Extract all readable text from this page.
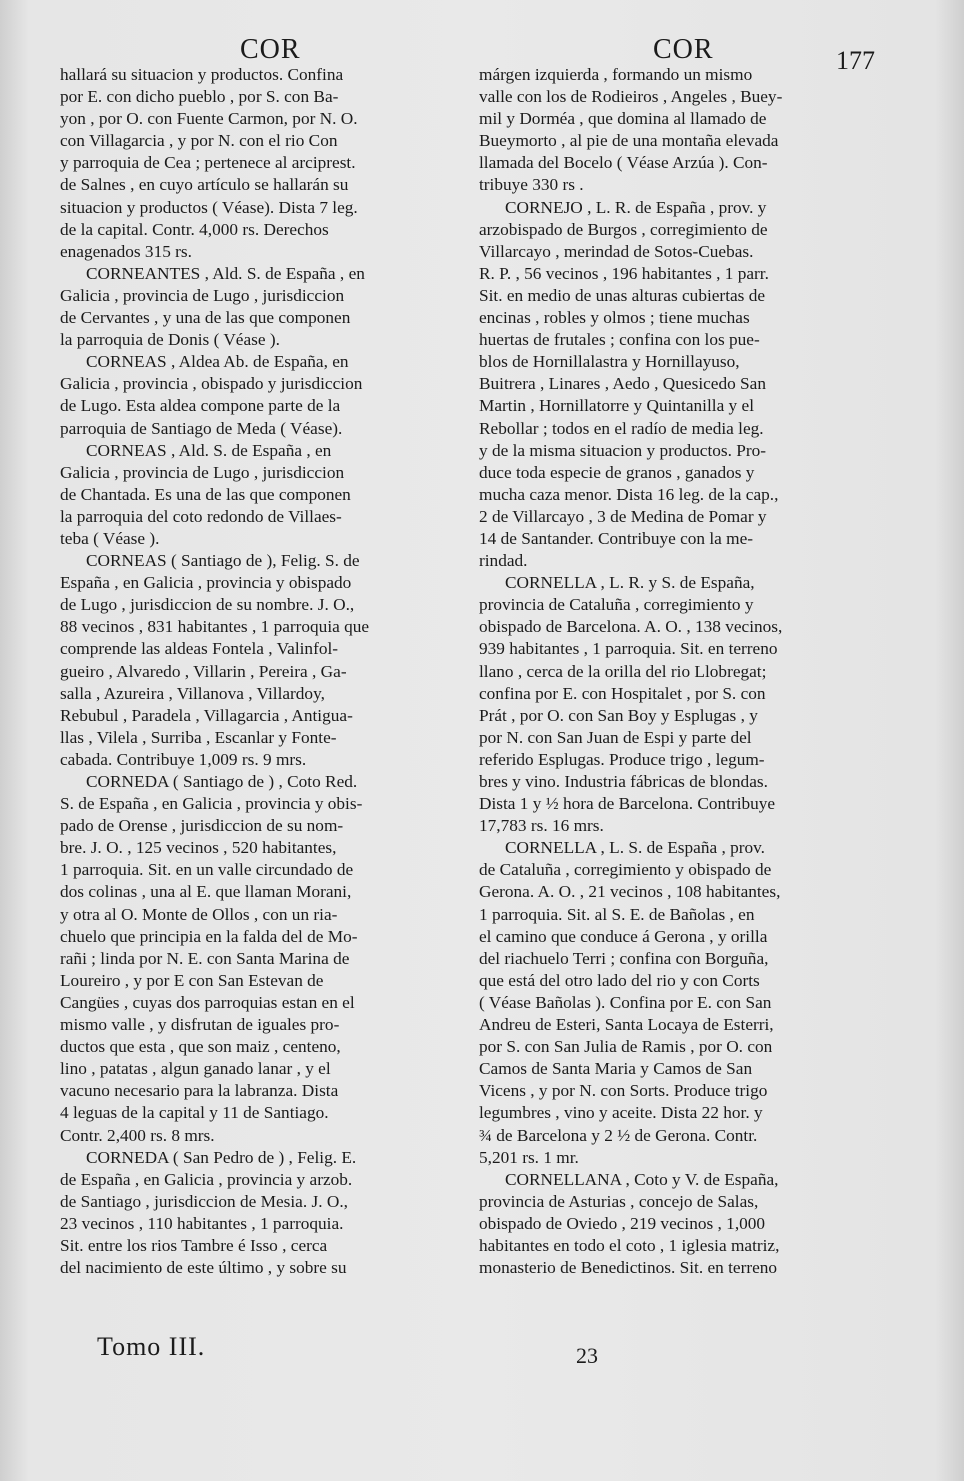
COR	COR	177
hallará su situacion y productos. Confina
por E. con dicho pueblo , por S. con Ba-
yon , por O. con Fuente Carmon, por N. O.
con Villagarcia , y por N. con el rio Con
y parroquia de Cea ; pertenece al arciprest.
de Salnes , en cuyo artículo se hallarán su
situacion y productos ( Véase). Dista 7 leg.
de la capital. Contr. 4,000 rs. Derechos
enagenados 315 rs.
CORNEANTES , Ald. S. de España , en
Galicia , provincia de Lugo , jurisdiccion
de Cervantes , y una de las que componen
la parroquia de Donis ( Véase ).
CORNEAS , Aldea Ab. de España, en
Galicia , provincia , obispado y jurisdiccion
de Lugo. Esta aldea compone parte de la
parroquia de Santiago de Meda ( Véase).
CORNEAS , Ald. S. de España , en
Galicia , provincia de Lugo , jurisdiccion
de Chantada. Es una de las que componen
la parroquia del coto redondo de Villaes-
teba ( Véase ).
CORNEAS ( Santiago de ), Felig. S. de
España , en Galicia , provincia y obispado
de Lugo , jurisdiccion de su nombre. J. O.,
88 vecinos , 831 habitantes , 1 parroquia que
comprende las aldeas Fontela , Valinfol-
gueiro , Alvaredo , Villarin , Pereira , Ga-
salla , Azureira , Villanova , Villardoy,
Rebubul , Paradela , Villagarcia , Antigua-
llas , Vilela , Surriba , Escanlar y Fonte-
cabada. Contribuye 1,009 rs. 9 mrs.
CORNEDA ( Santiago de ) , Coto Red.
S. de España , en Galicia , provincia y obis-
pado de Orense , jurisdiccion de su nom-
bre. J. O. , 125 vecinos , 520 habitantes,
1 parroquia. Sit. en un valle circundado de
dos colinas , una al E. que llaman Morani,
y otra al O. Monte de Ollos , con un ria-
chuelo que principia en la falda del de Mo-
rañi ; linda por N. E. con Santa Marina de
Loureiro , y por E con San Estevan de
Cangües , cuyas dos parroquias estan en el
mismo valle , y disfrutan de iguales pro-
ductos que esta , que son maiz , centeno,
lino , patatas , algun ganado lanar , y el
vacuno necesario para la labranza. Dista
4 leguas de la capital y 11 de Santiago.
Contr. 2,400 rs. 8 mrs.
CORNEDA ( San Pedro de ) , Felig. E.
de España , en Galicia , provincia y arzob.
de Santiago , jurisdiccion de Mesia. J. O.,
23 vecinos , 110 habitantes , 1 parroquia.
Sit. entre los rios Tambre é Isso , cerca
del nacimiento de este último , y sobre su
márgen izquierda , formando un mismo
valle con los de Rodieiros , Angeles , Buey-
mil y Dorméa , que domina al llamado de
Bueymorto , al pie de una montaña elevada
llamada del Bocelo ( Véase Arzúa ). Con-
tribuye 330 rs .
CORNEJO , L. R. de España , prov. y
arzobispado de Burgos , corregimiento de
Villarcayo , merindad de Sotos-Cuebas.
R. P. , 56 vecinos , 196 habitantes , 1 parr.
Sit. en medio de unas alturas cubiertas de
encinas , robles y olmos ; tiene muchas
huertas de frutales ; confina con los pue-
blos de Hornillalastra y Hornillayuso,
Buitrera , Linares , Aedo , Quesicedo San
Martin , Hornillatorre y Quintanilla y el
Rebollar ; todos en el radío de media leg.
y de la misma situacion y productos. Pro-
duce toda especie de granos , ganados y
mucha caza menor. Dista 16 leg. de la cap.,
2 de Villarcayo , 3 de Medina de Pomar y
14 de Santander. Contribuye con la me-
rindad.
CORNELLA , L. R. y S. de España,
provincia de Cataluña , corregimiento y
obispado de Barcelona. A. O. , 138 vecinos,
939 habitantes , 1 parroquia. Sit. en terreno
llano , cerca de la orilla del rio Llobregat;
confina por E. con Hospitalet , por S. con
Prát , por O. con San Boy y Esplugas , y
por N. con San Juan de Espi y parte del
referido Esplugas. Produce trigo , legum-
bres y vino. Industria fábricas de blondas.
Dista 1 y ½ hora de Barcelona. Contribuye
17,783 rs. 16 mrs.
CORNELLA , L. S. de España , prov.
de Cataluña , corregimiento y obispado de
Gerona. A. O. , 21 vecinos , 108 habitantes,
1 parroquia. Sit. al S. E. de Bañolas , en
el camino que conduce á Gerona , y orilla
del riachuelo Terri ; confina con Borguña,
que está del otro lado del rio y con Corts
( Véase Bañolas ). Confina por E. con San
Andreu de Esteri, Santa Locaya de Esterri,
por S. con San Julia de Ramis , por O. con
Camos de Santa Maria y Camos de San
Vicens , y por N. con Sorts. Produce trigo
legumbres , vino y aceite. Dista 22 hor. y
¾ de Barcelona y 2 ½ de Gerona. Contr.
5,201 rs. 1 mr.
CORNELLANA , Coto y V. de España,
provincia de Asturias , concejo de Salas,
obispado de Oviedo , 219 vecinos , 1,000
habitantes en todo el coto , 1 iglesia matriz,
monasterio de Benedictinos. Sit. en terreno
Tomo III.	23
